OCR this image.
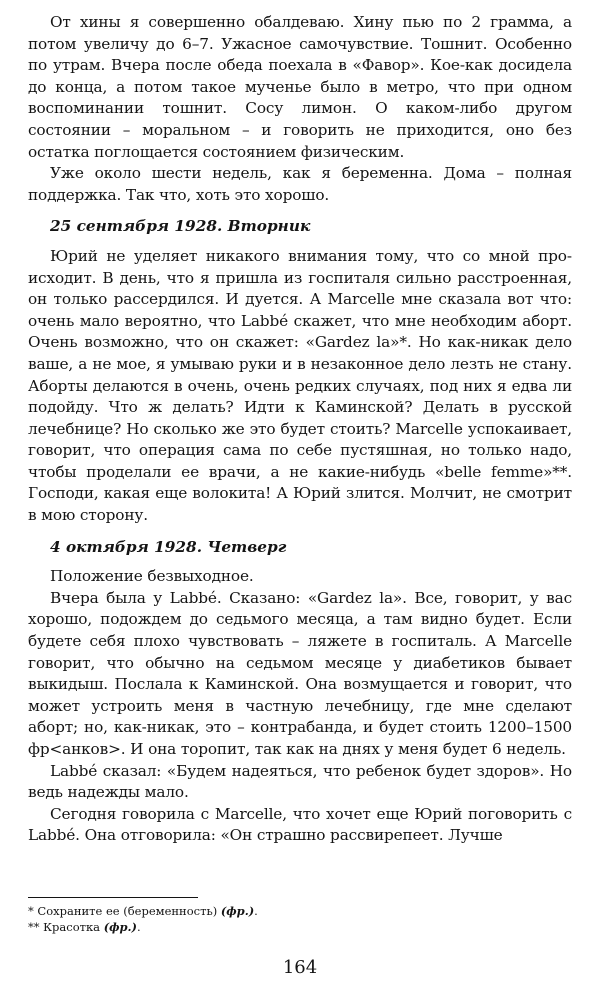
От хины я совершенно обалдеваю. Хину пью по 2 грамма, а потом увеличу до 6–7. Ужасное самочувствие. Тошнит. Особенно по утрам. Вчера после обеда поехала в «Фавор». Кое-как досидела до конца, а потом такое мученье было в метро, что при одном воспоминании тошнит. Сосу лимон. О каком-либо другом состоянии – моральном – и говорить не приходится, оно без остатка поглощается состоянием физическим.

Уже около шести недель, как я беременна. Дома – полная поддержка. Так что, хоть это хорошо.

25 сентября 1928. Вторник

Юрий не уделяет никакого внимания тому, что со мной происходит. В день, что я пришла из госпиталя сильно расстроенная, он только рассердился. И дуется. А Marcelle мне сказала вот что: очень мало вероятно, что Labbé скажет, что мне необходим аборт. Очень возможно, что он скажет: «Gardez la»*. Но как-никак дело ваше, а не мое, я умываю руки и в незаконное дело лезть не стану. Аборты делаются в очень, очень редких случаях, под них я едва ли подойду. Что ж делать? Идти к Каминской? Делать в русской лечебнице? Но сколько же это будет стоить? Marcelle успокаивает, говорит, что операция сама по себе пустяшная, но только надо, чтобы проделали ее врачи, а не какие-нибудь «belle femme»**. Господи, какая еще волокита! А Юрий злится. Молчит, не смотрит в мою сторону.

4 октября 1928. Четверг

Положение безвыходное.

Вчера была у Labbé. Сказано: «Gardez la». Все, говорит, у вас хорошо, подождем до седьмого месяца, а там видно будет. Если будете себя плохо чувствовать – ляжете в госпиталь. А Marcelle говорит, что обычно на седьмом месяце у диабетиков бывает выкидыш. Послала к Каминской. Она возмущается и говорит, что может устроить меня в частную лечебницу, где мне сделают аборт; но, как-никак, это – контрабанда, и будет стоить 1200–1500 фр<анков>. И она торопит, так как на днях у меня будет 6 недель.

Labbé сказал: «Будем надеяться, что ребенок будет здоров». Но ведь надежды мало.

Сегодня говорила с Marcelle, что хочет еще Юрий поговорить с Labbé. Она отговорила: «Он страшно рассвирепеет. Лучше

* Сохраните ее (беременность) (фр.).

** Красотка (фр.).

164
